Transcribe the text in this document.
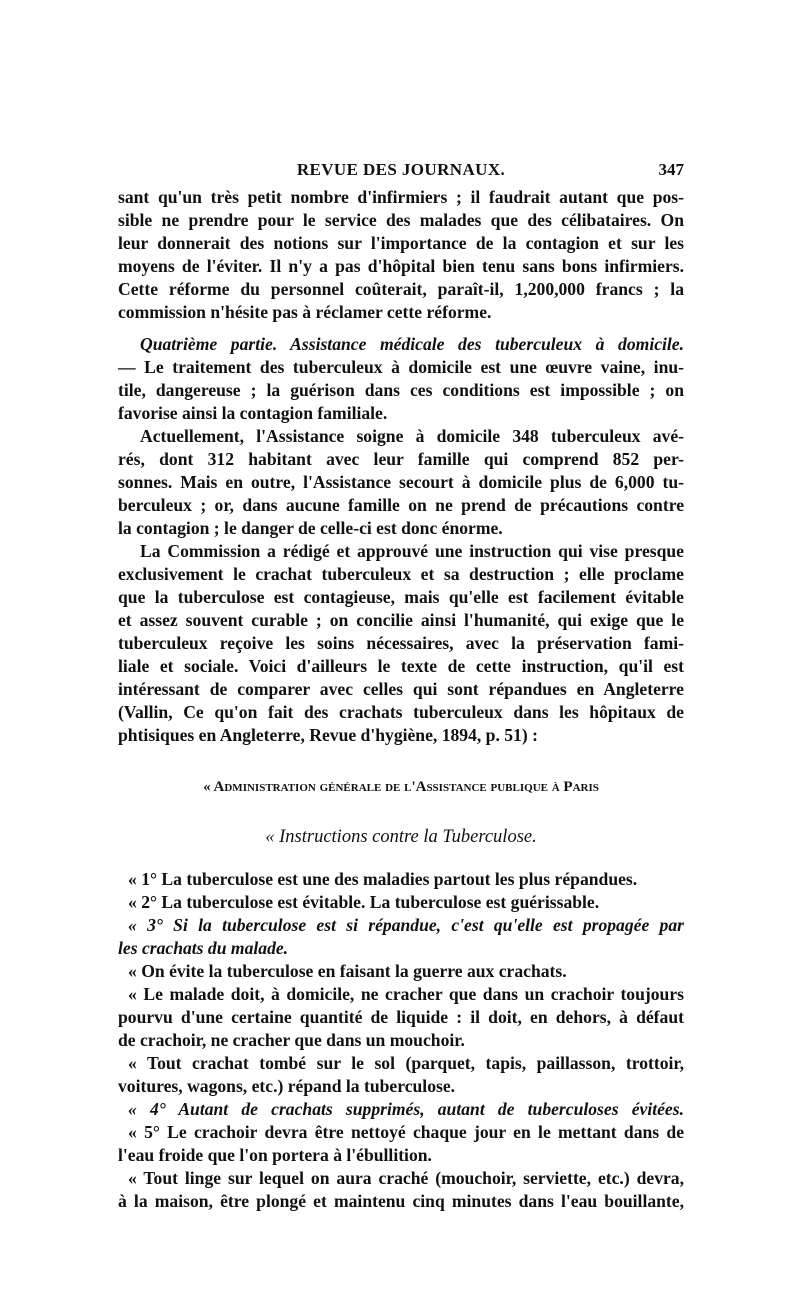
REVUE DES JOURNAUX.	347
sant qu'un très petit nombre d'infirmiers ; il faudrait autant que pos-
sible ne prendre pour le service des malades que des célibataires. On
leur donnerait des notions sur l'importance de la contagion et sur les
moyens de l'éviter. Il n'y a pas d'hôpital bien tenu sans bons infirmiers.
Cette réforme du personnel coûterait, paraît-il, 1,200,000 francs ; la
commission n'hésite pas à réclamer cette réforme.
Quatrième partie. Assistance médicale des tuberculeux à domicile.
— Le traitement des tuberculeux à domicile est une œuvre vaine, inu-
tile, dangereuse ; la guérison dans ces conditions est impossible ; on
favorise ainsi la contagion familiale.
Actuellement, l'Assistance soigne à domicile 348 tuberculeux avé-
rés, dont 312 habitant avec leur famille qui comprend 852 per-
sonnes. Mais en outre, l'Assistance secourt à domicile plus de 6,000 tu-
berculeux ; or, dans aucune famille on ne prend de précautions contre
la contagion ; le danger de celle-ci est donc énorme.
La Commission a rédigé et approuvé une instruction qui vise presque
exclusivement le crachat tuberculeux et sa destruction ; elle proclame
que la tuberculose est contagieuse, mais qu'elle est facilement évitable
et assez souvent curable ; on concilie ainsi l'humanité, qui exige que le
tuberculeux reçoive les soins nécessaires, avec la préservation fami-
liale et sociale. Voici d'ailleurs le texte de cette instruction, qu'il est
intéressant de comparer avec celles qui sont répandues en Angleterre
(Vallin, Ce qu'on fait des crachats tuberculeux dans les hôpitaux de
phtisiques en Angleterre, Revue d'hygiène, 1894, p. 51) :
« Administration générale de l'Assistance publique à Paris
« Instructions contre la Tuberculose.
« 1° La tuberculose est une des maladies partout les plus répandues.
« 2° La tuberculose est évitable. La tuberculose est guérissable.
« 3° Si la tuberculose est si répandue, c'est qu'elle est propagée par
les crachats du malade.
« On évite la tuberculose en faisant la guerre aux crachats.
« Le malade doit, à domicile, ne cracher que dans un crachoir toujours
pourvu d'une certaine quantité de liquide : il doit, en dehors, à défaut
de crachoir, ne cracher que dans un mouchoir.
« Tout crachat tombé sur le sol (parquet, tapis, paillasson, trottoir,
voitures, wagons, etc.) répand la tuberculose.
« 4° Autant de crachats supprimés, autant de tuberculoses évitées.
« 5° Le crachoir devra être nettoyé chaque jour en le mettant dans de
l'eau froide que l'on portera à l'ébullition.
« Tout linge sur lequel on aura craché (mouchoir, serviette, etc.) devra,
à la maison, être plongé et maintenu cinq minutes dans l'eau bouillante,
